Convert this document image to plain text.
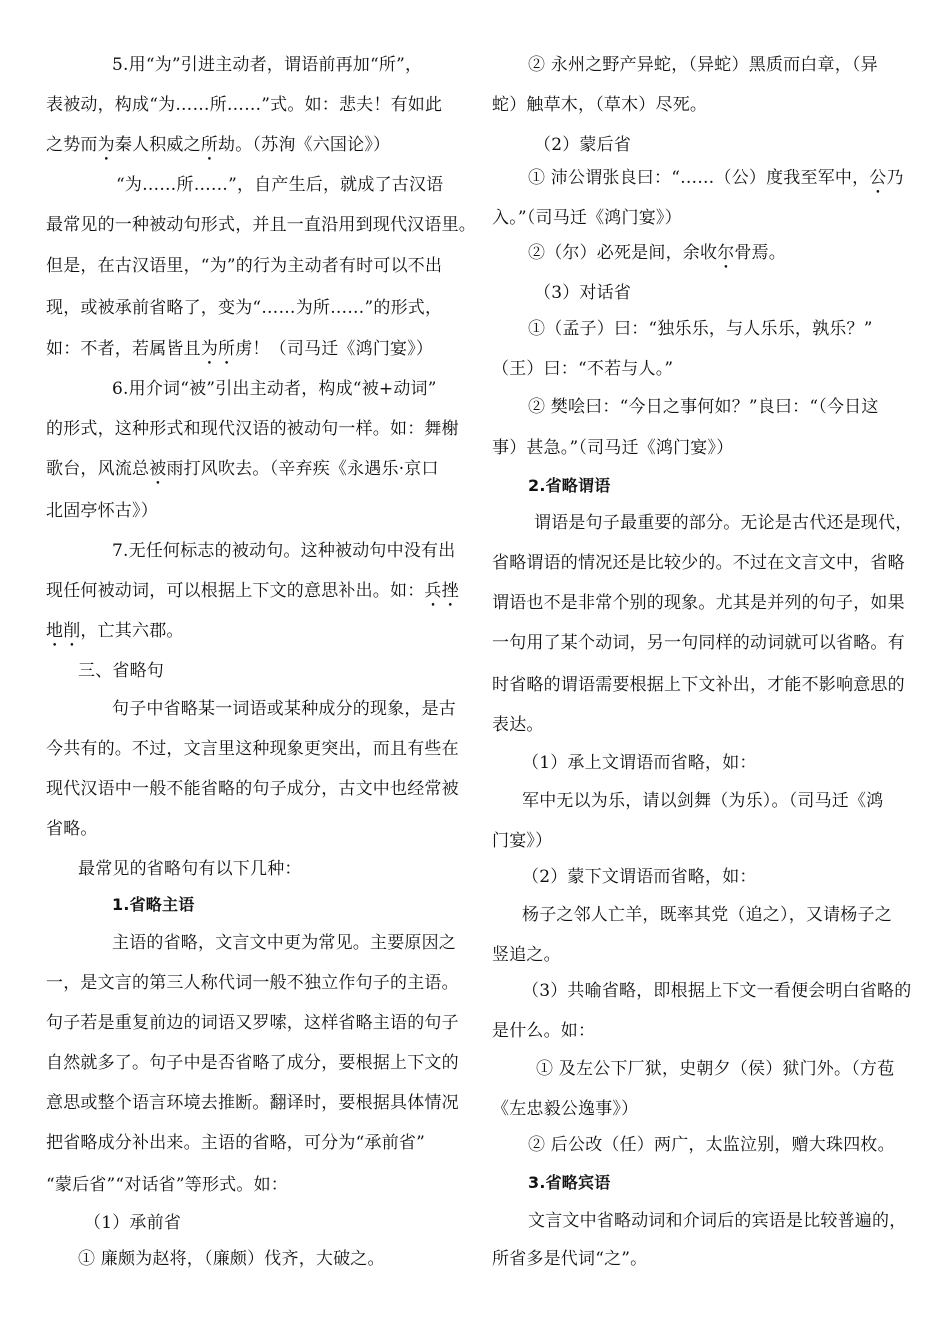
5.用“为”引进主动者，谓语前再加“所”，
表被动，构成“为……所……”式。如：悲夫！有如此
之势而为秦人积威之所劫。（苏洵《六国论》）
“为……所……”，自产生后，就成了古汉语
最常见的一种被动句形式，并且一直沿用到现代汉语里。
但是，在古汉语里，“为”的行为主动者有时可以不出
现，或被承前省略了，变为“……为所……”的形式，
如：不者，若属皆且为所虏！（司马迁《鸿门宴》）
6.用介词“被”引出主动者，构成“被+动词”
的形式，这种形式和现代汉语的被动句一样。如：舞榭
歌台，风流总被雨打风吹去。（辛弃疾《永遇乐·京口
北固亭怀古》）
7.无任何标志的被动句。这种被动句中没有出
现任何被动词，可以根据上下文的意思补出。如：兵挫
地削，亡其六郡。
三、省略句
句子中省略某一词语或某种成分的现象，是古
今共有的。不过，文言里这种现象更突出，而且有些在
现代汉语中一般不能省略的句子成分，古文中也经常被
省略。
最常见的省略句有以下几种：
1.省略主语
主语的省略，文言文中更为常见。主要原因之
一，是文言的第三人称代词一般不独立作句子的主语。
句子若是重复前边的词语又罗嗦，这样省略主语的句子
自然就多了。句子中是否省略了成分，要根据上下文的
意思或整个语言环境去推断。翻译时，要根据具体情况
把省略成分补出来。主语的省略，可分为“承前省”
“蒙后省”“对话省”等形式。如：
（1）承前省
① 廉颇为赵将，（廉颇）伐齐，大破之。
② 永州之野产异蛇，（异蛇）黑质而白章，（异
蛇）触草木，（草木）尽死。
（2）蒙后省
① 沛公谓张良曰：“……（公）度我至军中，公乃
入。”（司马迁《鸿门宴》）
②（尔）必死是间，余收尔骨焉。
（3）对话省
①（孟子）曰：“独乐乐，与人乐乐，孰乐？”
（王）曰：“不若与人。”
② 樊哙曰：“今日之事何如？”良曰：“（今日这
事）甚急。”（司马迁《鸿门宴》）
2.省略谓语
谓语是句子最重要的部分。无论是古代还是现代，
省略谓语的情况还是比较少的。不过在文言文中，省略
谓语也不是非常个别的现象。尤其是并列的句子，如果
一句用了某个动词，另一句同样的动词就可以省略。有
时省略的谓语需要根据上下文补出，才能不影响意思的
表达。
（1）承上文谓语而省略，如：
军中无以为乐，请以剑舞（为乐）。（司马迁《鸿
门宴》）
（2）蒙下文谓语而省略，如：
杨子之邻人亡羊，既率其党（追之），又请杨子之
竖追之。
（3）共喻省略，即根据上下文一看便会明白省略的
是什么。如：
① 及左公下厂狱，史朝夕（侯）狱门外。（方苞
《左忠毅公逸事》）
② 后公改（任）两广，太监泣别，赠大珠四枚。
3.省略宾语
文言文中省略动词和介词后的宾语是比较普遍的，
所省多是代词“之”。
